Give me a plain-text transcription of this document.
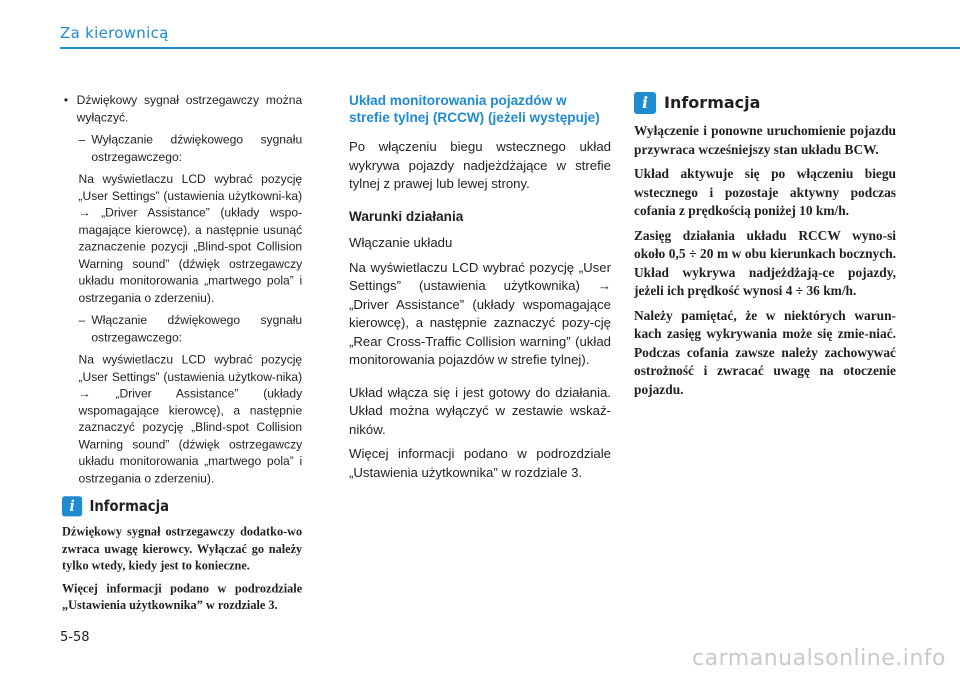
Za kierownicą
• Dźwiękowy sygnał ostrzegawczy można wyłączyć.

– Wyłączanie dźwiękowego sygnału ostrzegawczego:

Na wyświetlaczu LCD wybrać pozycję „User Settings” (ustawienia użytkowni-ka) → „Driver Assistance” (układy wspo-magające kierowcę), a następnie usunąć zaznaczenie pozycji „Blind-spot Collision Warning sound” (dźwięk ostrzegawczy układu monitorowania „martwego pola” i ostrzegania o zderzeniu).

– Włączanie dźwiękowego sygnału ostrzegawczego:

Na wyświetlaczu LCD wybrać pozycję „User Settings” (ustawienia użytkow-nika) → „Driver Assistance” (układy wspomagające kierowcę), a następnie zaznaczyć pozycję „Blind-spot Collision Warning sound” (dźwięk ostrzegawczy układu monitorowania „martwego pola” i ostrzegania o zderzeniu).

i Informacja

Dźwiękowy sygnał ostrzegawczy dodatko-wo zwraca uwagę kierowcy. Wyłączać go należy tylko wtedy, kiedy jest to konieczne.

Więcej informacji podano w podrozdziale „Ustawienia użytkownika” w rozdziale 3.

Układ monitorowania pojazdów w strefie tylnej (RCCW) (jeżeli występuje)

Po włączeniu biegu wstecznego układ wykrywa pojazdy nadjeżdżające w strefie tylnej z prawej lub lewej strony.

Warunki działania

Włączanie układu

Na wyświetlaczu LCD wybrać pozycję „User Settings” (ustawienia użytkownika) → „Driver Assistance” (układy wspomagające kierowcę), a następnie zaznaczyć pozy-cję „Rear Cross-Traffic Collision warning” (układ monitorowania pojazdów w strefie tylnej).

Układ włącza się i jest gotowy do działania. Układ można wyłączyć w zestawie wskaź-ników.

Więcej informacji podano w podrozdziale „Ustawienia użytkownika” w rozdziale 3.

i Informacja

Wyłączenie i ponowne uruchomienie pojazdu przywraca wcześniejszy stan układu BCW.

Układ aktywuje się po włączeniu biegu wstecznego i pozostaje aktywny podczas cofania z prędkością poniżej 10 km/h.

Zasięg działania układu RCCW wyno-si około 0,5 ÷ 20 m w obu kierunkach bocznych. Układ wykrywa nadjeżdżają-ce pojazdy, jeżeli ich prędkość wynosi 4 ÷ 36 km/h.

Należy pamiętać, że w niektórych warun-kach zasięg wykrywania może się zmie-niać. Podczas cofania zawsze należy zachowywać ostrożność i zwracać uwagę na otoczenie pojazdu.

5-58
carmanualsonline.info
